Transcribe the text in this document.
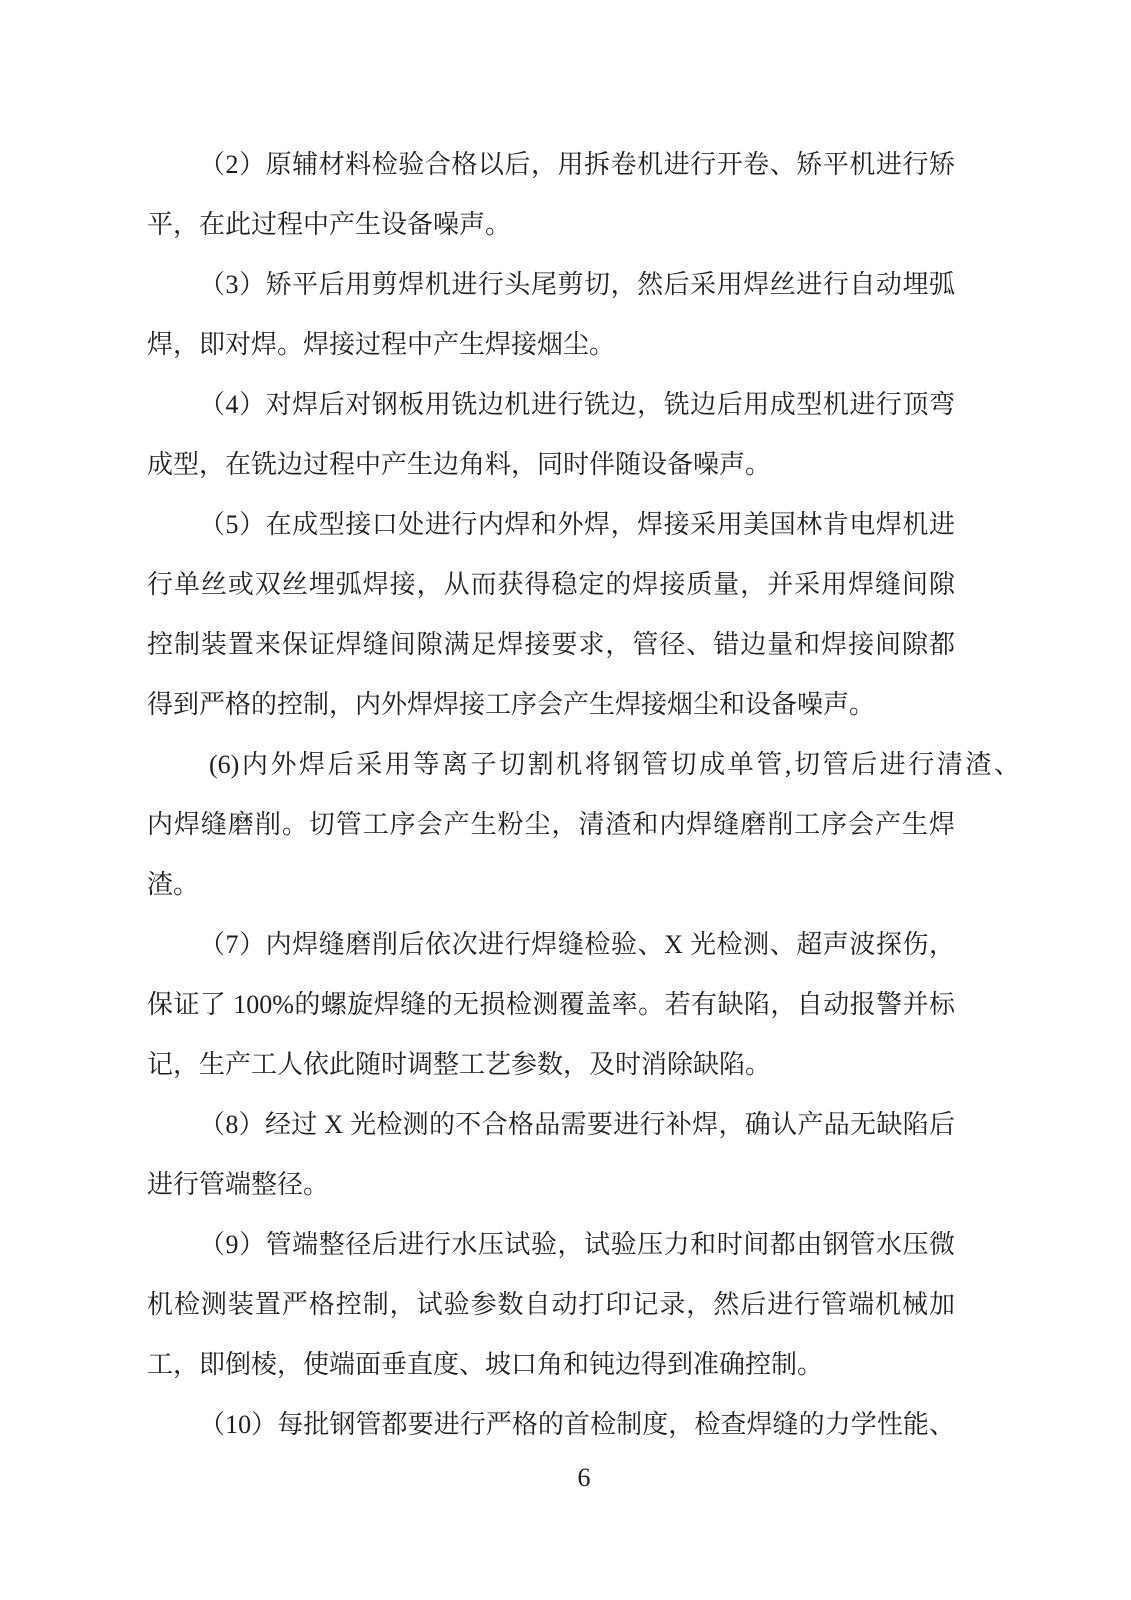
（2）原辅材料检验合格以后，用拆卷机进行开卷、矫平机进行矫
平，在此过程中产生设备噪声。
（3）矫平后用剪焊机进行头尾剪切，然后采用焊丝进行自动埋弧
焊，即对焊。焊接过程中产生焊接烟尘。
（4）对焊后对钢板用铣边机进行铣边，铣边后用成型机进行顶弯
成型，在铣边过程中产生边角料，同时伴随设备噪声。
（5）在成型接口处进行内焊和外焊，焊接采用美国林肯电焊机进
行单丝或双丝埋弧焊接，从而获得稳定的焊接质量，并采用焊缝间隙
控制装置来保证焊缝间隙满足焊接要求，管径、错边量和焊接间隙都
得到严格的控制，内外焊焊接工序会产生焊接烟尘和设备噪声。
(6)内外焊后采用等离子切割机将钢管切成单管,切管后进行清渣、
内焊缝磨削。切管工序会产生粉尘，清渣和内焊缝磨削工序会产生焊
渣。
（7）内焊缝磨削后依次进行焊缝检验、X 光检测、超声波探伤，
保证了 100%的螺旋焊缝的无损检测覆盖率。若有缺陷，自动报警并标
记，生产工人依此随时调整工艺参数，及时消除缺陷。
（8）经过 X 光检测的不合格品需要进行补焊，确认产品无缺陷后
进行管端整径。
（9）管端整径后进行水压试验，试验压力和时间都由钢管水压微
机检测装置严格控制，试验参数自动打印记录，然后进行管端机械加
工，即倒棱，使端面垂直度、坡口角和钝边得到准确控制。
（10）每批钢管都要进行严格的首检制度，检查焊缝的力学性能、
6
